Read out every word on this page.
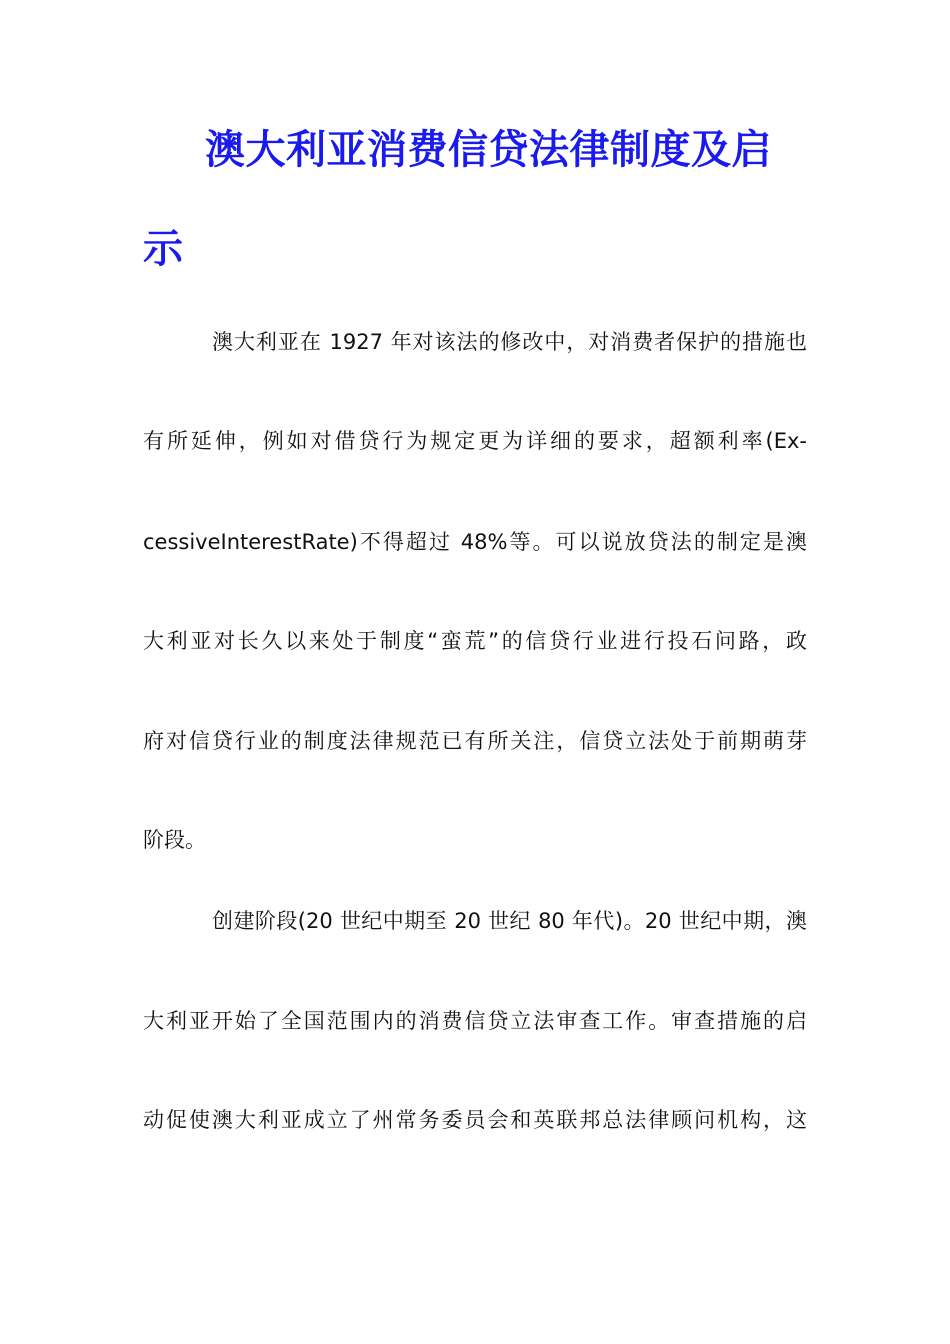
澳大利亚消费信贷法律制度及启
示
澳大利亚在 1927 年对该法的修改中，对消费者保护的措施也
有所延伸，例如对借贷行为规定更为详细的要求，超额利率(Ex-
cessiveInterestRate)不得超过 48%等。可以说放贷法的制定是澳
大利亚对长久以来处于制度“蛮荒”的信贷行业进行投石问路，政
府对信贷行业的制度法律规范已有所关注，信贷立法处于前期萌芽
阶段。
创建阶段(20 世纪中期至 20 世纪 80 年代)。20 世纪中期，澳
大利亚开始了全国范围内的消费信贷立法审查工作。审查措施的启
动促使澳大利亚成立了州常务委员会和英联邦总法律顾问机构，这
